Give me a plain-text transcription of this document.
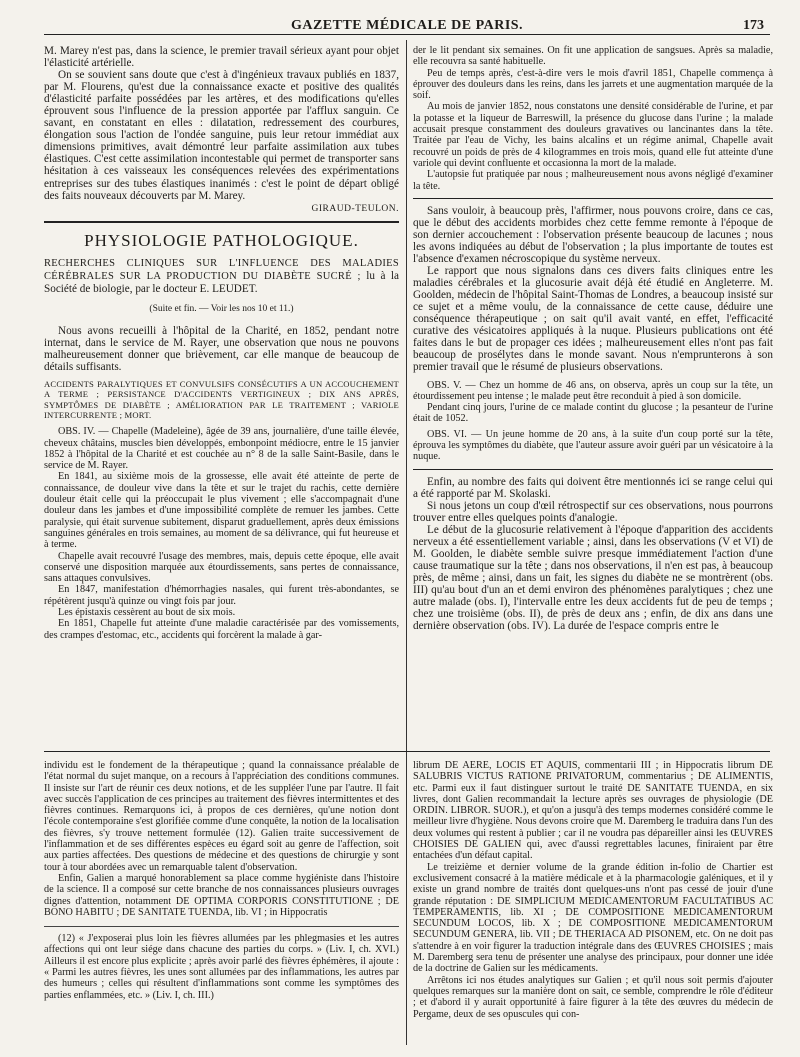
GAZETTE MÉDICALE DE PARIS.	173

M. Marey n'est pas, dans la science, le premier travail sérieux ayant pour objet l'élasticité artérielle.

On se souvient sans doute que c'est à d'ingénieux travaux publiés en 1837, par M. Flourens, qu'est due la connaissance exacte et positive des qualités d'élasticité parfaite possédées par les artères, et des modifications qu'elles éprouvent sous l'influence de la pression apportée par l'afflux sanguin. Ce savant, en constatant en elles : dilatation, redressement des courbures, élongation sous l'action de l'ondée sanguine, puis leur retour immédiat aux dimensions primitives, avait démontré leur parfaite assimilation aux tubes élastiques. C'est cette assimilation incontestable qui permet de transporter sans hésitation à ces vaisseaux les conséquences relevées des expérimentations entreprises sur des tubes élastiques inanimés : c'est le point de départ obligé des faits nouveaux découverts par M. Marey.

GIRAUD-TEULON.

PHYSIOLOGIE PATHOLOGIQUE.

RECHERCHES CLINIQUES SUR L'INFLUENCE DES MALADIES CÉRÉBRALES SUR LA PRODUCTION DU DIABÈTE SUCRÉ ; lu à la Société de biologie, par le docteur E. LEUDET.

(Suite et fin. — Voir les nos 10 et 11.)

Nous avons recueilli à l'hôpital de la Charité, en 1852, pendant notre internat, dans le service de M. Rayer, une observation que nous ne pouvons malheureusement donner que brièvement, car elle manque de beaucoup de détails suffisants.

ACCIDENTS PARALYTIQUES ET CONVULSIFS CONSÉCUTIFS A UN ACCOUCHEMENT A TERME ; PERSISTANCE D'ACCIDENTS VERTIGINEUX ; DIX ANS APRÈS, SYMPTÔMES DE DIABÈTE ; AMÉLIORATION PAR LE TRAITEMENT ; VARIOLE INTERCURRENTE ; MORT.

OBS. IV. — Chapelle (Madeleine), âgée de 39 ans, journalière, d'une taille élevée, cheveux châtains, muscles bien développés, embonpoint médiocre, entre le 15 janvier 1852 à l'hôpital de la Charité et est couchée au n° 8 de la salle Saint-Basile, dans le service de M. Rayer.

En 1841, au sixième mois de la grossesse, elle avait été atteinte de perte de connaissance, de douleur vive dans la tête et sur le trajet du rachis, cette dernière douleur était celle qui la préoccupait le plus vivement ; elle s'accompagnait d'une douleur dans les jambes et d'une impossibilité complète de remuer les jambes. Cette paralysie, qui était survenue subitement, disparut graduellement, après deux émissions sanguines générales en trois semaines, au moment de sa délivrance, qui fut heureuse et à terme.

Chapelle avait recouvré l'usage des membres, mais, depuis cette époque, elle avait conservé une disposition marquée aux étourdissements, sans pertes de connaissance, sans attaques convulsives.

En 1847, manifestation d'hémorrhagies nasales, qui furent très-abondantes, se répétèrent jusqu'à quinze ou vingt fois par jour.

Les épistaxis cessèrent au bout de six mois.

En 1851, Chapelle fut atteinte d'une maladie caractérisée par des vomissements, des crampes d'estomac, etc., accidents qui forcèrent la malade à gar-

der le lit pendant six semaines. On fit une application de sangsues. Après sa maladie, elle recouvra sa santé habituelle.

Peu de temps après, c'est-à-dire vers le mois d'avril 1851, Chapelle commença à éprouver des douleurs dans les reins, dans les jarrets et une augmentation marquée de la soif.

Au mois de janvier 1852, nous constatons une densité considérable de l'urine, et par la potasse et la liqueur de Barreswill, la présence du glucose dans l'urine ; la malade accusait presque constamment des douleurs gravatives ou lancinantes dans la tête. Traitée par l'eau de Vichy, les bains alcalins et un régime animal, Chapelle avait recouvré un poids de près de 4 kilogrammes en trois mois, quand elle fut atteinte d'une variole qui devint confluente et occasionna la mort de la malade.

L'autopsie fut pratiquée par nous ; malheureusement nous avons négligé d'examiner la tête.

Sans vouloir, à beaucoup près, l'affirmer, nous pouvons croire, dans ce cas, que le début des accidents morbides chez cette femme remonte à l'époque de son dernier accouchement : l'observation présente beaucoup de lacunes ; nous les avons indiquées au début de l'observation ; la plus importante de toutes est l'absence d'examen nécroscopique du système nerveux.

Le rapport que nous signalons dans ces divers faits cliniques entre les maladies cérébrales et la glucosurie avait déjà été étudié en Angleterre. M. Goolden, médecin de l'hôpital Saint-Thomas de Londres, a beaucoup insisté sur ce sujet et a même voulu, de la connaissance de cette cause, déduire une conséquence thérapeutique ; on sait qu'il avait vanté, en effet, l'efficacité curative des vésicatoires appliqués à la nuque. Plusieurs publications ont été faites dans le but de propager ces idées ; malheureusement elles n'ont pas fait beaucoup de prosélytes dans le monde savant. Nous n'emprunterons à son premier travail que le résumé de plusieurs observations.

OBS. V. — Chez un homme de 46 ans, on observa, après un coup sur la tête, un étourdissement peu intense ; le malade peut être reconduit à pied à son domicile.

Pendant cinq jours, l'urine de ce malade contint du glucose ; la pesanteur de l'urine était de 1052.

OBS. VI. — Un jeune homme de 20 ans, à la suite d'un coup porté sur la tête, éprouva les symptômes du diabète, que l'auteur assure avoir guéri par un vésicatoire à la nuque.

Enfin, au nombre des faits qui doivent être mentionnés ici se range celui qui a été rapporté par M. Skolaski.

Si nous jetons un coup d'œil rétrospectif sur ces observations, nous pourrons trouver entre elles quelques points d'analogie.

Le début de la glucosurie relativement à l'époque d'apparition des accidents nerveux a été essentiellement variable ; ainsi, dans les observations (V et VI) de M. Goolden, le diabète semble suivre presque immédiatement l'action d'une cause traumatique sur la tête ; dans nos observations, il n'en est pas, à beaucoup près, de même ; ainsi, dans un fait, les signes du diabète ne se montrèrent (obs. III) qu'au bout d'un an et demi environ des phénomènes paralytiques ; chez une autre malade (obs. I), l'intervalle entre les deux accidents fut de peu de temps ; chez une troisième (obs. II), de près de deux ans ; enfin, de dix ans dans une dernière observation (obs. IV). La durée de l'espace compris entre le

individu est le fondement de la thérapeutique ; quand la connaissance préalable de l'état normal du sujet manque, on a recours à l'appréciation des conditions communes. Il insiste sur l'art de réunir ces deux notions, et de les suppléer l'une par l'autre. Il fait avec succès l'application de ces principes au traitement des fièvres intermittentes et des fièvres continues. Remarquons ici, à propos de ces dernières, qu'une notion dont l'école contemporaine s'est glorifiée comme d'une conquête, la notion de la localisation des fièvres, s'y trouve nettement formulée (12). Galien traite successivement de l'inflammation et de ses différentes espèces eu égard soit au genre de l'affection, soit aux parties affectées. Des questions de médecine et des questions de chirurgie y sont tour à tour abordées avec un remarquable talent d'observation.

Enfin, Galien a marqué honorablement sa place comme hygiéniste dans l'histoire de la science. Il a composé sur cette branche de nos connaissances plusieurs ouvrages dignes d'attention, notamment DE OPTIMA CORPORIS CONSTITUTIONE ; DE BONO HABITU ; DE SANITATE TUENDA, lib. VI ; in Hippocratis

(12) « J'exposerai plus loin les fièvres allumées par les phlegmasies et les autres affections qui ont leur siége dans chacune des parties du corps. » (Liv. I, ch. XVI.) Ailleurs il est encore plus explicite ; après avoir parlé des fièvres éphémères, il ajoute : « Parmi les autres fièvres, les unes sont allumées par des inflammations, les autres par des humeurs ; celles qui résultent d'inflammations sont comme les symptômes des parties enflammées, etc. » (Liv. I, ch. III.)

librum DE AERE, LOCIS ET AQUIS, commentarii III ; in Hippocratis librum DE SALUBRIS VICTUS RATIONE PRIVATORUM, commentarius ; DE ALIMENTIS, etc. Parmi eux il faut distinguer surtout le traité DE SANITATE TUENDA, en six livres, dont Galien recommandait la lecture après ses ouvrages de physiologie (DE ORDIN. LIBROR. SUOR.), et qu'on a jusqu'à des temps modernes considéré comme le meilleur livre d'hygiène. Nous devons croire que M. Daremberg le traduira dans l'un des deux volumes qui restent à publier ; car il ne voudra pas dépareiller ainsi les ŒUVRES CHOISIES DE GALIEN qui, avec d'aussi regrettables lacunes, finiraient par être entachées d'un défaut capital.

Le treizième et dernier volume de la grande édition in-folio de Chartier est exclusivement consacré à la matière médicale et à la pharmacologie galéniques, et il y existe un grand nombre de traités dont quelques-uns n'ont pas cessé de jouir d'une grande réputation : DE SIMPLICIUM MEDICAMENTORUM FACULTATIBUS AC TEMPERAMENTIS, lib. XI ; DE COMPOSITIONE MEDICAMENTORUM SECUNDUM LOCOS, lib. X ; DE COMPOSITIONE MEDICAMENTORUM SECUNDUM GENERA, lib. VII ; DE THERIACA AD PISONEM, etc. On ne doit pas s'attendre à en voir figurer la traduction intégrale dans des ŒUVRES CHOISIES ; mais M. Daremberg sera tenu de présenter une analyse des principaux, pour donner une idée de la doctrine de Galien sur les médicaments.

Arrêtons ici nos études analytiques sur Galien ; et qu'il nous soit permis d'ajouter quelques remarques sur la manière dont on sait, ce semble, comprendre le rôle d'éditeur ; et d'abord il y aurait opportunité à faire figurer à la tête des œuvres du médecin de Pergame, deux de ses opuscules qui con-
